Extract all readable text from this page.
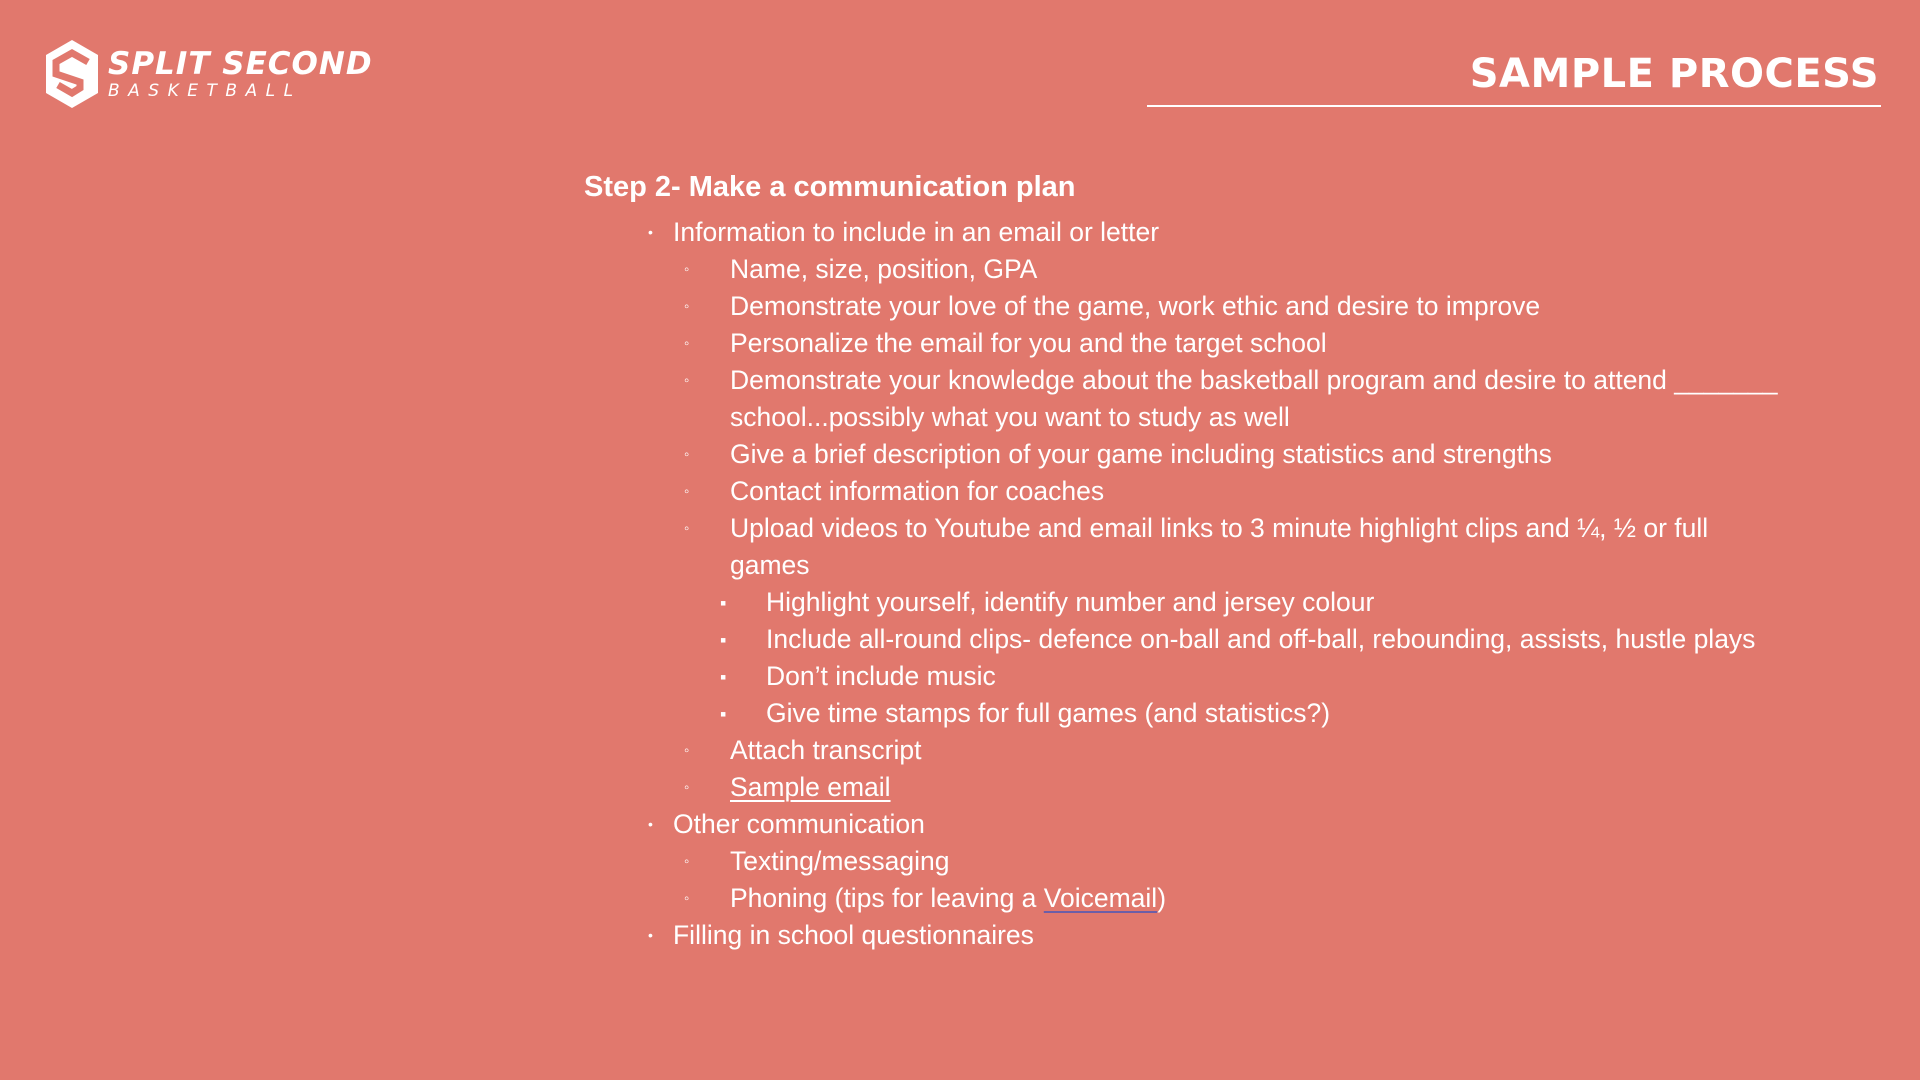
SPLIT SECOND
BASKETBALL	SAMPLE PROCESS
Step 2- Make a communication plan
• Information to include in an email or letter
◦ Name, size, position, GPA
◦ Demonstrate your love of the game, work ethic and desire to improve
◦ Personalize the email for you and the target school
◦ Demonstrate your knowledge about the basketball program and desire to attend _______ school...possibly what you want to study as well
◦ Give a brief description of your game including statistics and strengths
◦ Contact information for coaches
◦ Upload videos to Youtube and email links to 3 minute highlight clips and ¼, ½ or full games
▪ Highlight yourself, identify number and jersey colour
▪ Include all-round clips- defence on-ball and off-ball, rebounding, assists, hustle plays
▪ Don’t include music
▪ Give time stamps for full games (and statistics?)
◦ Attach transcript
◦ Sample email
• Other communication
◦ Texting/messaging
◦ Phoning (tips for leaving a Voicemail)
• Filling in school questionnaires
